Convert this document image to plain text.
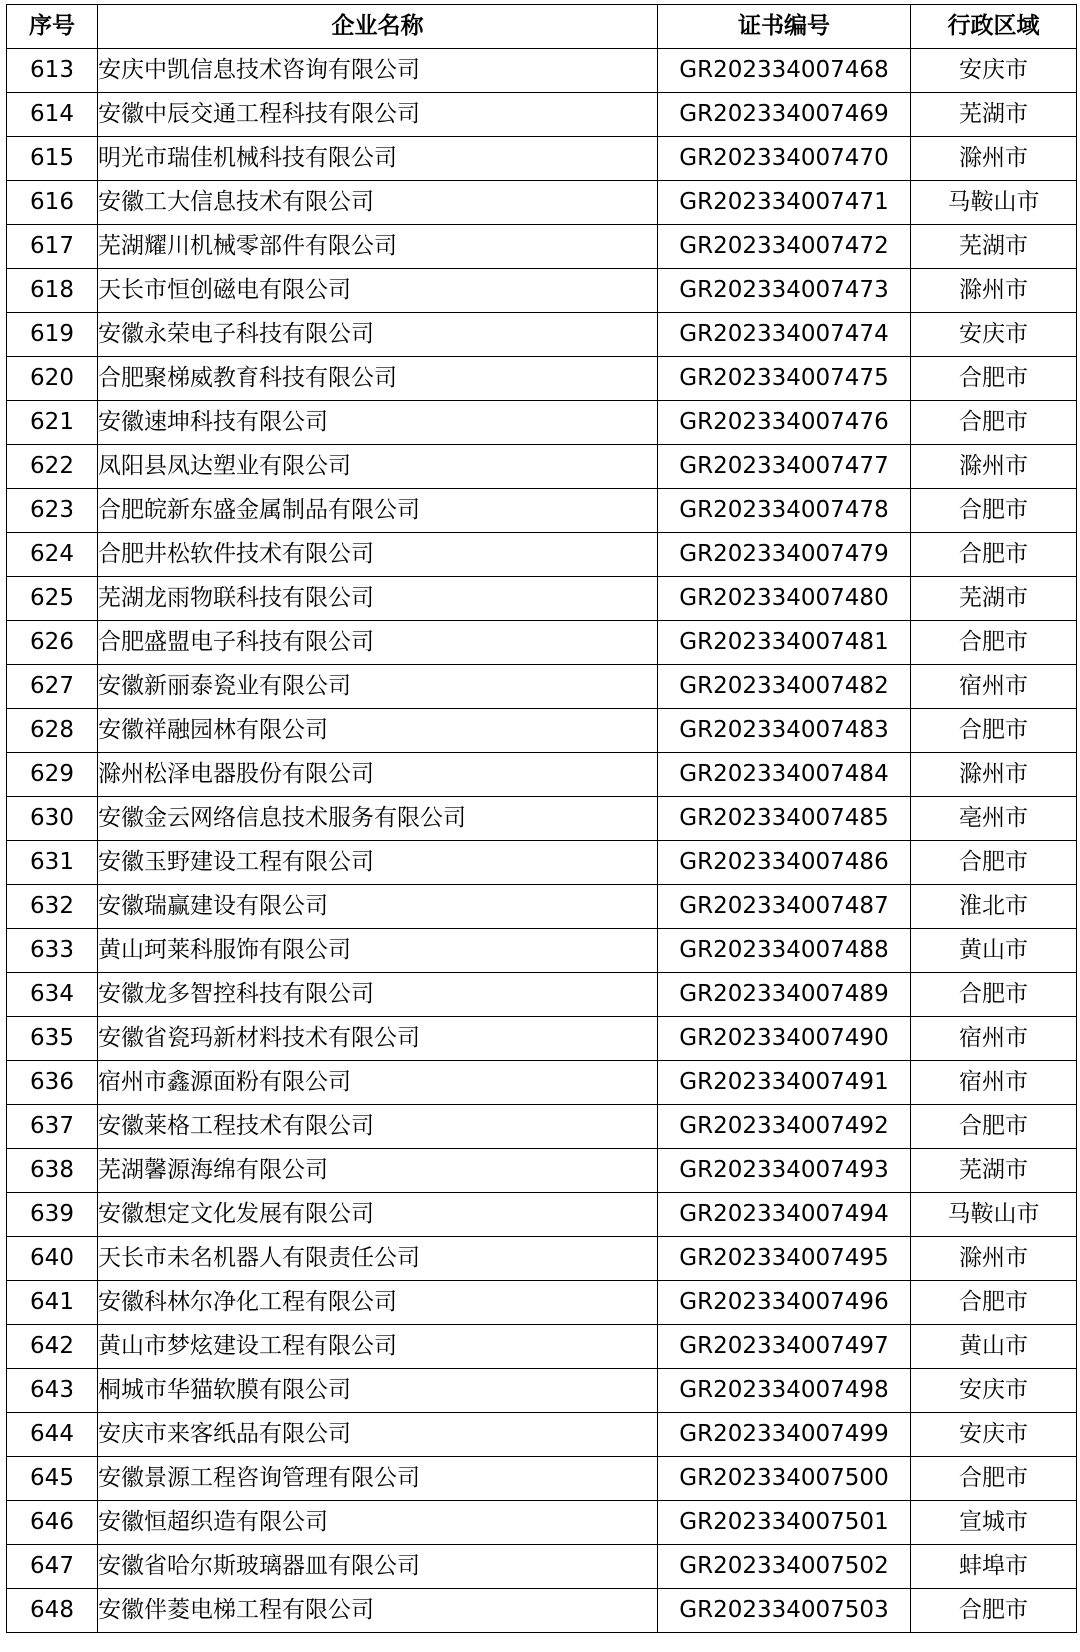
序号	企业名称	证书编号	行政区域
613	安庆中凯信息技术咨询有限公司	GR202334007468	安庆市
614	安徽中辰交通工程科技有限公司	GR202334007469	芜湖市
615	明光市瑞佳机械科技有限公司	GR202334007470	滁州市
616	安徽工大信息技术有限公司	GR202334007471	马鞍山市
617	芜湖耀川机械零部件有限公司	GR202334007472	芜湖市
618	天长市恒创磁电有限公司	GR202334007473	滁州市
619	安徽永荣电子科技有限公司	GR202334007474	安庆市
620	合肥聚梯威教育科技有限公司	GR202334007475	合肥市
621	安徽速坤科技有限公司	GR202334007476	合肥市
622	凤阳县凤达塑业有限公司	GR202334007477	滁州市
623	合肥皖新东盛金属制品有限公司	GR202334007478	合肥市
624	合肥井松软件技术有限公司	GR202334007479	合肥市
625	芜湖龙雨物联科技有限公司	GR202334007480	芜湖市
626	合肥盛盟电子科技有限公司	GR202334007481	合肥市
627	安徽新丽泰瓷业有限公司	GR202334007482	宿州市
628	安徽祥融园林有限公司	GR202334007483	合肥市
629	滁州松泽电器股份有限公司	GR202334007484	滁州市
630	安徽金云网络信息技术服务有限公司	GR202334007485	亳州市
631	安徽玉野建设工程有限公司	GR202334007486	合肥市
632	安徽瑞赢建设有限公司	GR202334007487	淮北市
633	黄山珂莱科服饰有限公司	GR202334007488	黄山市
634	安徽龙多智控科技有限公司	GR202334007489	合肥市
635	安徽省瓷玛新材料技术有限公司	GR202334007490	宿州市
636	宿州市鑫源面粉有限公司	GR202334007491	宿州市
637	安徽莱格工程技术有限公司	GR202334007492	合肥市
638	芜湖馨源海绵有限公司	GR202334007493	芜湖市
639	安徽想定文化发展有限公司	GR202334007494	马鞍山市
640	天长市未名机器人有限责任公司	GR202334007495	滁州市
641	安徽科林尔净化工程有限公司	GR202334007496	合肥市
642	黄山市梦炫建设工程有限公司	GR202334007497	黄山市
643	桐城市华猫软膜有限公司	GR202334007498	安庆市
644	安庆市来客纸品有限公司	GR202334007499	安庆市
645	安徽景源工程咨询管理有限公司	GR202334007500	合肥市
646	安徽恒超织造有限公司	GR202334007501	宣城市
647	安徽省哈尔斯玻璃器皿有限公司	GR202334007502	蚌埠市
648	安徽伴菱电梯工程有限公司	GR202334007503	合肥市
